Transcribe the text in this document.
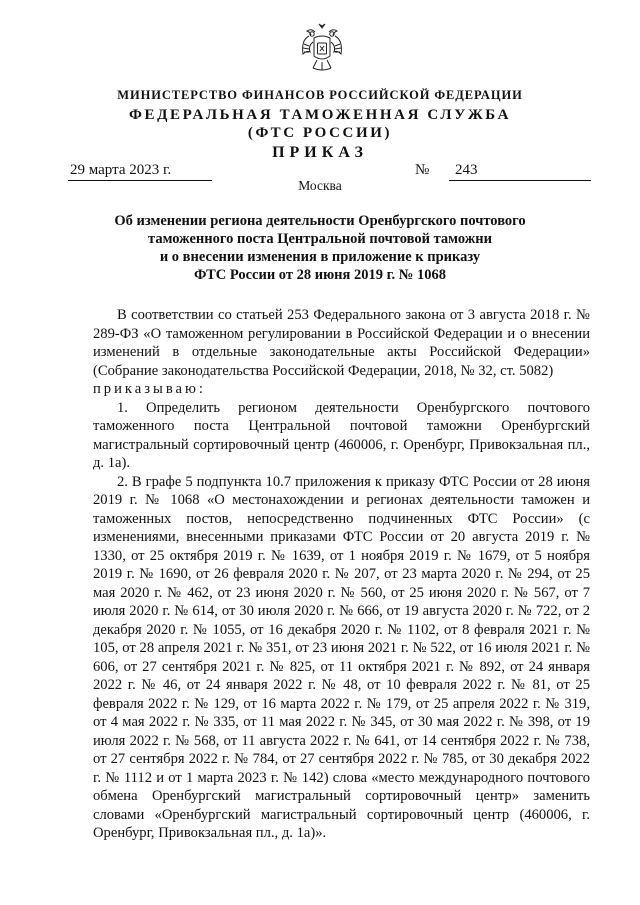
МИНИСТЕРСТВО ФИНАНСОВ РОССИЙСКОЙ ФЕДЕРАЦИИ

ФЕДЕРАЛЬНАЯ ТАМОЖЕННАЯ СЛУЖБА
(ФТС РОССИИ)

ПРИКАЗ

29 марта 2023 г.	№	243

Москва

Об изменении региона деятельности Оренбургского почтового
таможенного поста Центральной почтовой таможни
и о внесении изменения в приложение к приказу
ФТС России от 28 июня 2019 г. № 1068

В соответствии со статьей 253 Федерального закона от 3 августа 2018 г. № 289-ФЗ «О таможенном регулировании в Российской Федерации и о внесении изменений в отдельные законодательные акты Российской Федерации» (Собрание законодательства Российской Федерации, 2018, № 32, ст. 5082)
приказываю:

1. Определить регионом деятельности Оренбургского почтового таможенного поста Центральной почтовой таможни Оренбургский магистральный сортировочный центр (460006, г. Оренбург, Привокзальная пл., д. 1а).

2. В графе 5 подпункта 10.7 приложения к приказу ФТС России от 28 июня 2019 г. № 1068 «О местонахождении и регионах деятельности таможен и таможенных постов, непосредственно подчиненных ФТС России» (с изменениями, внесенными приказами ФТС России от 20 августа 2019 г. № 1330, от 25 октября 2019 г. № 1639, от 1 ноября 2019 г. № 1679, от 5 ноября 2019 г. № 1690, от 26 февраля 2020 г. № 207, от 23 марта 2020 г. № 294, от 25 мая 2020 г. № 462, от 23 июня 2020 г. № 560, от 25 июня 2020 г. № 567, от 7 июля 2020 г. № 614, от 30 июля 2020 г. № 666, от 19 августа 2020 г. № 722, от 2 декабря 2020 г. № 1055, от 16 декабря 2020 г. № 1102, от 8 февраля 2021 г. № 105, от 28 апреля 2021 г. № 351, от 23 июня 2021 г. № 522, от 16 июля 2021 г. № 606, от 27 сентября 2021 г. № 825, от 11 октября 2021 г. № 892, от 24 января 2022 г. № 46, от 24 января 2022 г. № 48, от 10 февраля 2022 г. № 81, от 25 февраля 2022 г. № 129, от 16 марта 2022 г. № 179, от 25 апреля 2022 г. № 319, от 4 мая 2022 г. № 335, от 11 мая 2022 г. № 345, от 30 мая 2022 г. № 398, от 19 июля 2022 г. № 568, от 11 августа 2022 г. № 641, от 14 сентября 2022 г. № 738, от 27 сентября 2022 г. № 784, от 27 сентября 2022 г. № 785, от 30 декабря 2022 г. № 1112 и от 1 марта 2023 г. № 142) слова «место международного почтового обмена Оренбургский магистральный сортировочный центр» заменить словами «Оренбургский магистральный сортировочный центр (460006, г. Оренбург, Привокзальная пл., д. 1а)».
